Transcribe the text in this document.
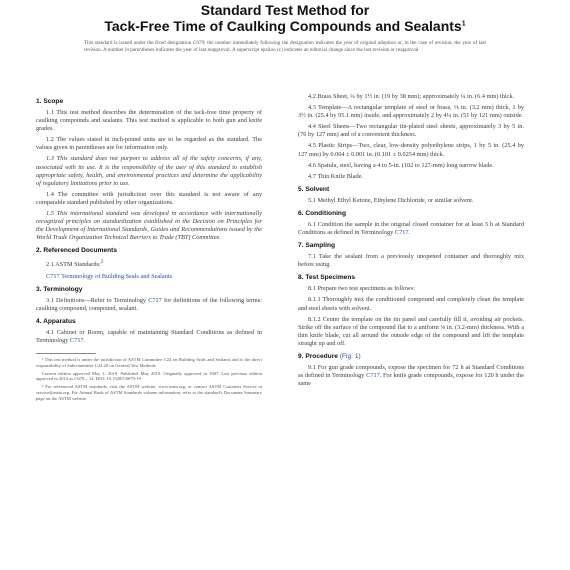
Standard Test Method for
Tack-Free Time of Caulking Compounds and Sealants$^1$
This standard is issued under the fixed designation C679; the number immediately following the designation indicates the year of original adoption or, in the case of revision, the year of last revision. A number in parentheses indicates the year of last reapproval. A superscript epsilon (ε) indicates an editorial change since the last revision or reapproval.
1. Scope

1.1 This test method describes the determination of the tack-free time property of caulking compounds and sealants. This test method is applicable to both gun and knife grades.

1.2 The values stated in inch-pound units are to be regarded as the standard. The values given in parentheses are for information only.

1.3 This standard does not purport to address all of the safety concerns, if any, associated with its use. It is the responsibility of the user of this standard to establish appropriate safety, health, and environmental practices and determine the applicability of regulatory limitations prior to use.

1.4 The committee with jurisdiction over this standard is not aware of any comparable standard published by other organizations.

1.5 This international standard was developed in accordance with internationally recognized principles on standardization established in the Decision on Principles for the Development of International Standards, Guides and Recommendations issued by the World Trade Organization Technical Barriers to Trade (TBT) Committee.

2. Referenced Documents

2.1 ASTM Standards:$^2$

C717 Terminology of Building Seals and Sealants

3. Terminology

3.1 Definitions—Refer to Terminology C717 for definitions of the following terms: caulking compound, compound, sealant.

4. Apparatus

4.1 Cabinet or Room, capable of maintaining Standard Conditions as defined in Terminology C717.

¹ This test method is under the jurisdiction of ASTM Committee C24 on Building Seals and Sealants and is the direct responsibility of Subcommittee C24.20 on General Test Methods.

Current edition approved May 1, 2019. Published May 2019. Originally approved in 1987. Last previous edition approved in 2014 as C679 – 14. DOI: 10.1520/C0679-19.

² For referenced ASTM standards, visit the ASTM website, www.astm.org, or contact ASTM Customer Service at service@astm.org. For Annual Book of ASTM Standards volume information, refer to the standard's Document Summary page on the ASTM website.

4.2 Brass Sheet, ¼ by 1½ in. (19 by 38 mm); approximately ¼ in. (6.4 mm) thick.

4.3 Template—A rectangular template of steel or brass, ⅛ in. (3.2 mm) thick, 1 by 3½ in. (25.4 by 95.1 mm) inside, and approximately 2 by 4¼ in. (51 by 121 mm) outside.

4.4 Steel Sheets—Two rectangular tin-plated steel sheets, approximately 3 by 5 in. (76 by 127 mm) and of a convenient thickness.

4.5 Plastic Strips—Two, clear, low-density polyethylene strips, 1 by 5 in. (25.4 by 127 mm) by 0.004 ± 0.001 in. (0.101 ± 0.0254 mm) thick.

4.6 Spatula, steel, having a 4 to 5-in. (102 to 127-mm) long narrow blade.

4.7 Thin Knife Blade.

5. Solvent

5.1 Methyl Ethyl Ketone, Ethylene Dichloride, or similar solvent.

6. Conditioning

6.1 Condition the sample in the original closed container for at least 5 h at Standard Conditions as defined in Terminology C717.

7. Sampling

7.1 Take the sealant from a previously unopened container and thoroughly mix before using.

8. Test Specimens

8.1 Prepare two test specimens as follows:

8.1.1 Thoroughly mix the conditioned compound and completely clean the template and steel sheets with solvent.

8.1.2 Center the template on the tin panel and carefully fill it, avoiding air pockets. Strike off the surface of the compound flat to a uniform ⅛ in. (3.2-mm) thickness. With a thin knife blade, cut all around the outside edge of the compound and lift the template straight up and off.

9. Procedure (Fig. 1)

9.1 For gun grade compounds, expose the specimen for 72 h at Standard Conditions as defined in Terminology C717. For knife grade compounds, expose for 120 h under the same
